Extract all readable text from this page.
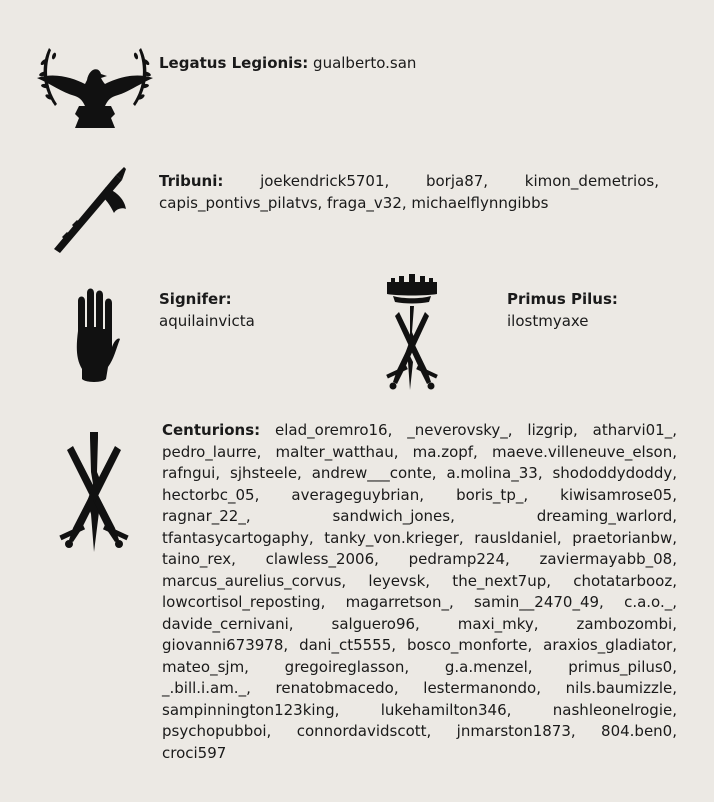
Legatus Legionis: gualberto.san
Tribuni: joekendrick5701, borja87, kimon_demetrios, capis_pontivs_pilatvs, fraga_v32, michaelflynngibbs
Signifer:
aquilainvicta
Primus Pilus:
ilostmyaxe
Centurions: elad_oremro16, _neverovsky_, lizgrip, atharvi01_, pedro_laurre, malter_watthau, ma.zopf, maeve.villeneuve_elson, rafngui, sjhsteele, andrew___conte, a.molina_33, shododdydoddy, hectorbc_05, averageguybrian, boris_tp_, kiwisamrose05, ragnar_22_, sandwich_jones, dreaming_warlord, tfantasycartogaphy, tanky_von.krieger, rausldaniel, praetorianbw, taino_rex, clawless_2006, pedramp224, zaviermayabb_08, marcus_aurelius_corvus, leyevsk, the_next7up, chotatarbooz, lowcortisol_reposting, magarretson_, samin__2470_49, c.a.o._, davide_cernivani, salguero96, maxi_mky, zambozombi, giovanni673978, dani_ct5555, bosco_monforte, araxios_gladiator, mateo_sjm, gregoireglasson, g.a.menzel, primus_pilus0, _.bill.i.am._, renatobmacedo, lestermanondo, nils.baumizzle, sampinnington123king, lukehamilton346, nashleonelrogie, psychopubboi, connordavidscott, jnmarston1873, 804.ben0, croci597
